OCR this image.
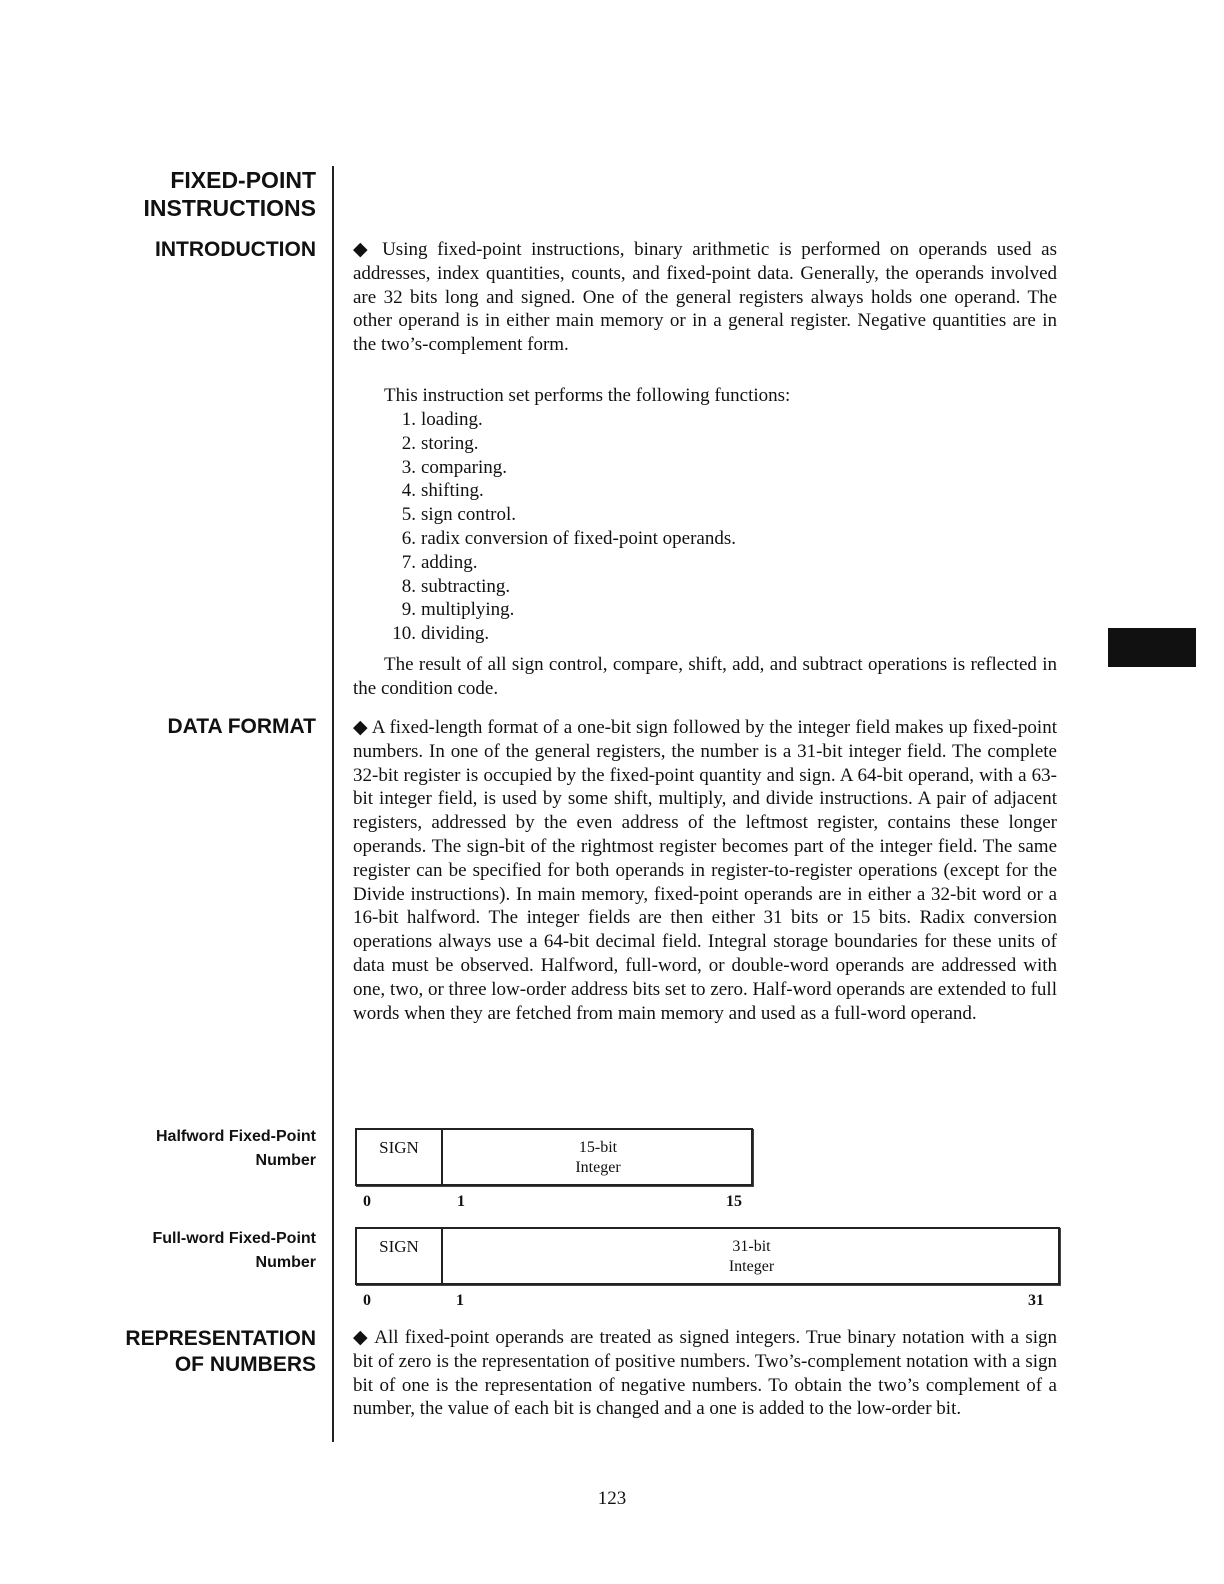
FIXED-POINT
INSTRUCTIONS
INTRODUCTION
DATA FORMAT
Halfword Fixed-Point
Number
Full-word Fixed-Point
Number
REPRESENTATION
OF NUMBERS
◆ Using fixed-point instructions, binary arithmetic is performed on operands used as addresses, index quantities, counts, and fixed-point data. Generally, the operands involved are 32 bits long and signed. One of the general registers always holds one operand. The other operand is in either main memory or in a general register. Negative quantities are in the two’s-complement form.
This instruction set performs the following functions:
1. loading.
2. storing.
3. comparing.
4. shifting.
5. sign control.
6. radix conversion of fixed-point operands.
7. adding.
8. subtracting.
9. multiplying.
10. dividing.
The result of all sign control, compare, shift, add, and subtract operations is reflected in the condition code.
◆ A fixed-length format of a one-bit sign followed by the integer field makes up fixed-point numbers. In one of the general registers, the number is a 31-bit integer field. The complete 32-bit register is occupied by the fixed-point quantity and sign. A 64-bit operand, with a 63-bit integer field, is used by some shift, multiply, and divide instructions. A pair of adjacent registers, addressed by the even address of the leftmost register, contains these longer operands. The sign-bit of the rightmost register becomes part of the integer field. The same register can be specified for both operands in register-to-register operations (except for the Divide instructions). In main memory, fixed-point operands are in either a 32-bit word or a 16-bit halfword. The integer fields are then either 31 bits or 15 bits. Radix conversion operations always use a 64-bit decimal field. Integral storage boundaries for these units of data must be observed. Halfword, full-word, or double-word operands are addressed with one, two, or three low-order address bits set to zero. Half-word operands are extended to full words when they are fetched from main memory and used as a full-word operand.
SIGN	15-bit
Integer
0	1	15
SIGN	31-bit
Integer
0	1	31
◆ All fixed-point operands are treated as signed integers. True binary notation with a sign bit of zero is the representation of positive numbers. Two’s-complement notation with a sign bit of one is the representation of negative numbers. To obtain the two’s complement of a number, the value of each bit is changed and a one is added to the low-order bit.
123
